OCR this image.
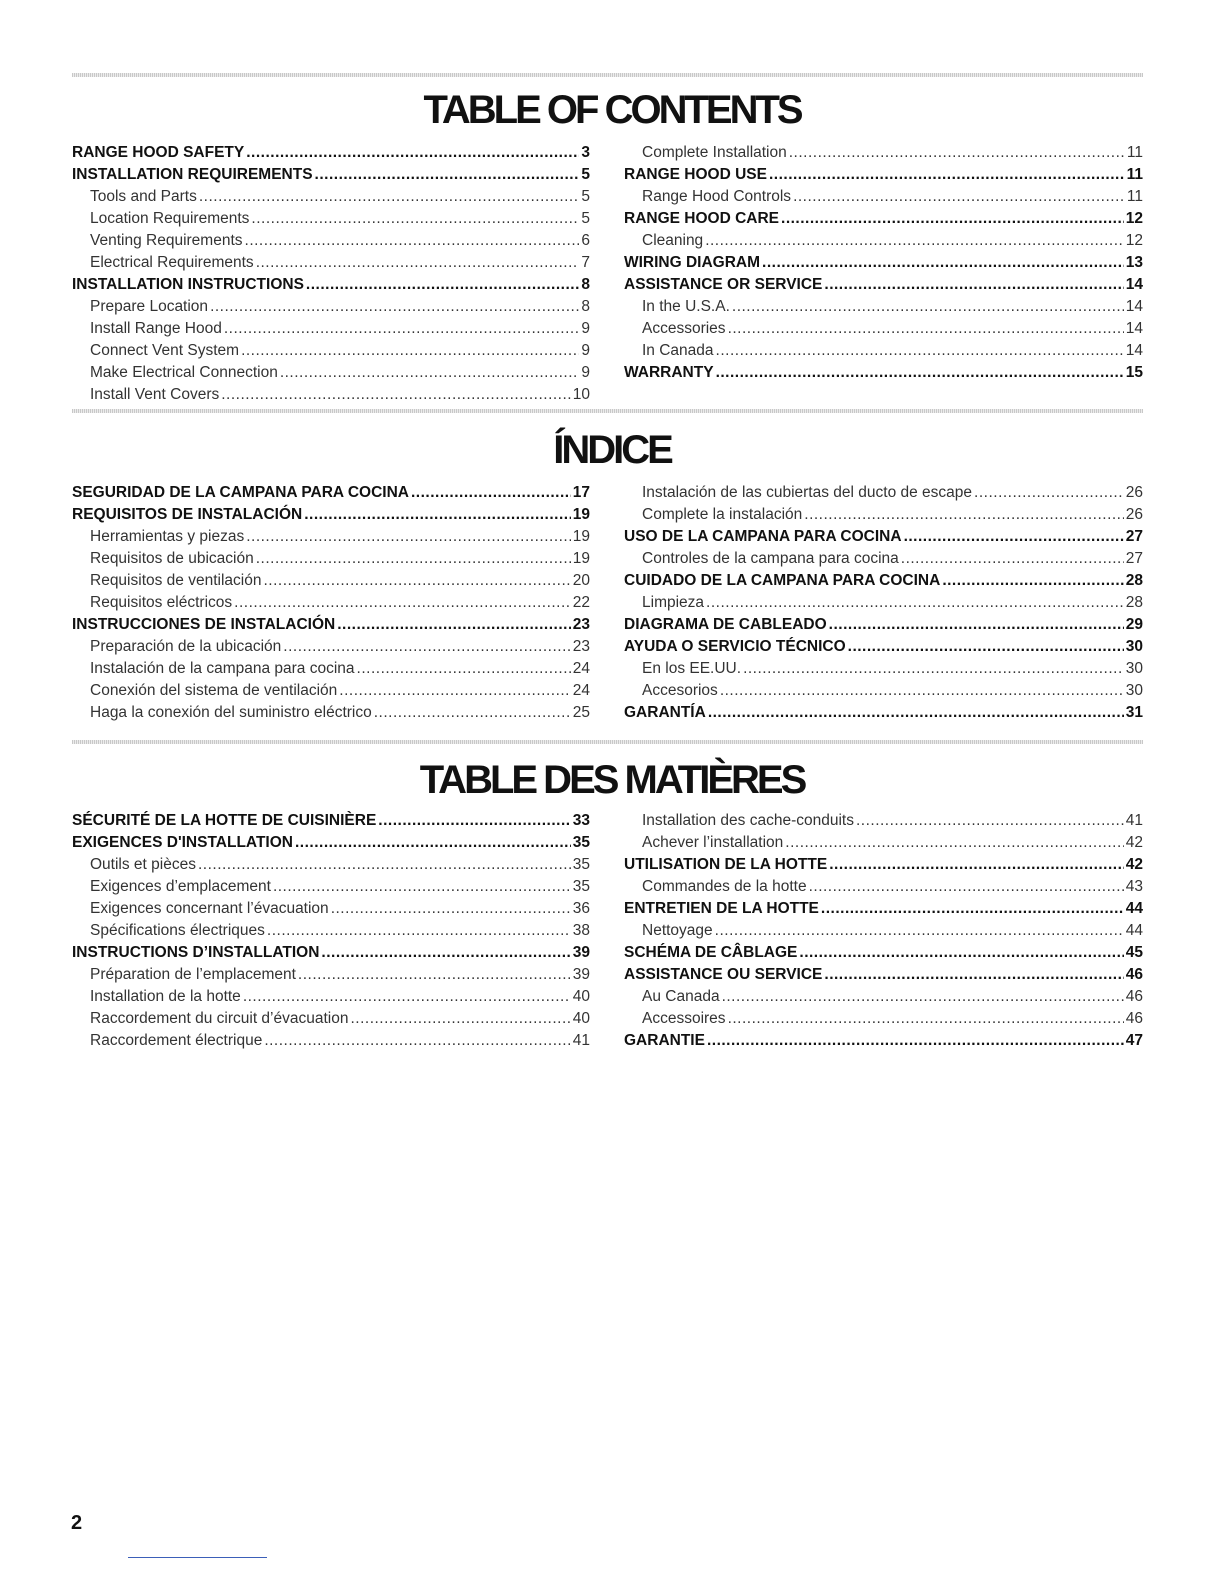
TABLE OF CONTENTS
RANGE HOOD SAFETY .....	3
INSTALLATION REQUIREMENTS .....	5
Tools and Parts .....	5
Location Requirements .....	5
Venting Requirements .....	6
Electrical Requirements .....	7
INSTALLATION INSTRUCTIONS .....	8
Prepare Location .....	8
Install Range Hood .....	9
Connect Vent System .....	9
Make Electrical Connection .....	9
Install Vent Covers .....	10
Complete Installation .....	11
RANGE HOOD USE .....	11
Range Hood Controls .....	11
RANGE HOOD CARE .....	12
Cleaning .....	12
WIRING DIAGRAM .....	13
ASSISTANCE OR SERVICE .....	14
In the U.S.A. .....	14
Accessories .....	14
In Canada .....	14
WARRANTY .....	15
ÍNDICE
SEGURIDAD DE LA CAMPANA PARA COCINA .....	17
REQUISITOS DE INSTALACIÓN .....	19
Herramientas y piezas .....	19
Requisitos de ubicación .....	19
Requisitos de ventilación .....	20
Requisitos eléctricos .....	22
INSTRUCCIONES DE INSTALACIÓN .....	23
Preparación de la ubicación .....	23
Instalación de la campana para cocina .....	24
Conexión del sistema de ventilación .....	24
Haga la conexión del suministro eléctrico .....	25
Instalación de las cubiertas del ducto de escape .....	26
Complete la instalación .....	26
USO DE LA CAMPANA PARA COCINA .....	27
Controles de la campana para cocina .....	27
CUIDADO DE LA CAMPANA PARA COCINA .....	28
Limpieza .....	28
DIAGRAMA DE CABLEADO .....	29
AYUDA O SERVICIO TÉCNICO .....	30
En los EE.UU. .....	30
Accesorios .....	30
GARANTÍA .....	31
TABLE DES MATIÈRES
SÉCURITÉ DE LA HOTTE DE CUISINIÈRE .....	33
EXIGENCES D'INSTALLATION .....	35
Outils et pièces .....	35
Exigences d’emplacement .....	35
Exigences concernant l’évacuation .....	36
Spécifications électriques .....	38
INSTRUCTIONS D’INSTALLATION .....	39
Préparation de l’emplacement .....	39
Installation de la hotte .....	40
Raccordement du circuit d’évacuation .....	40
Raccordement électrique .....	41
Installation des cache-conduits .....	41
Achever l’installation .....	42
UTILISATION DE LA HOTTE .....	42
Commandes de la hotte .....	43
ENTRETIEN DE LA HOTTE .....	44
Nettoyage .....	44
SCHÉMA DE CÂBLAGE .....	45
ASSISTANCE OU SERVICE .....	46
Au Canada .....	46
Accessoires .....	46
GARANTIE .....	47
2
